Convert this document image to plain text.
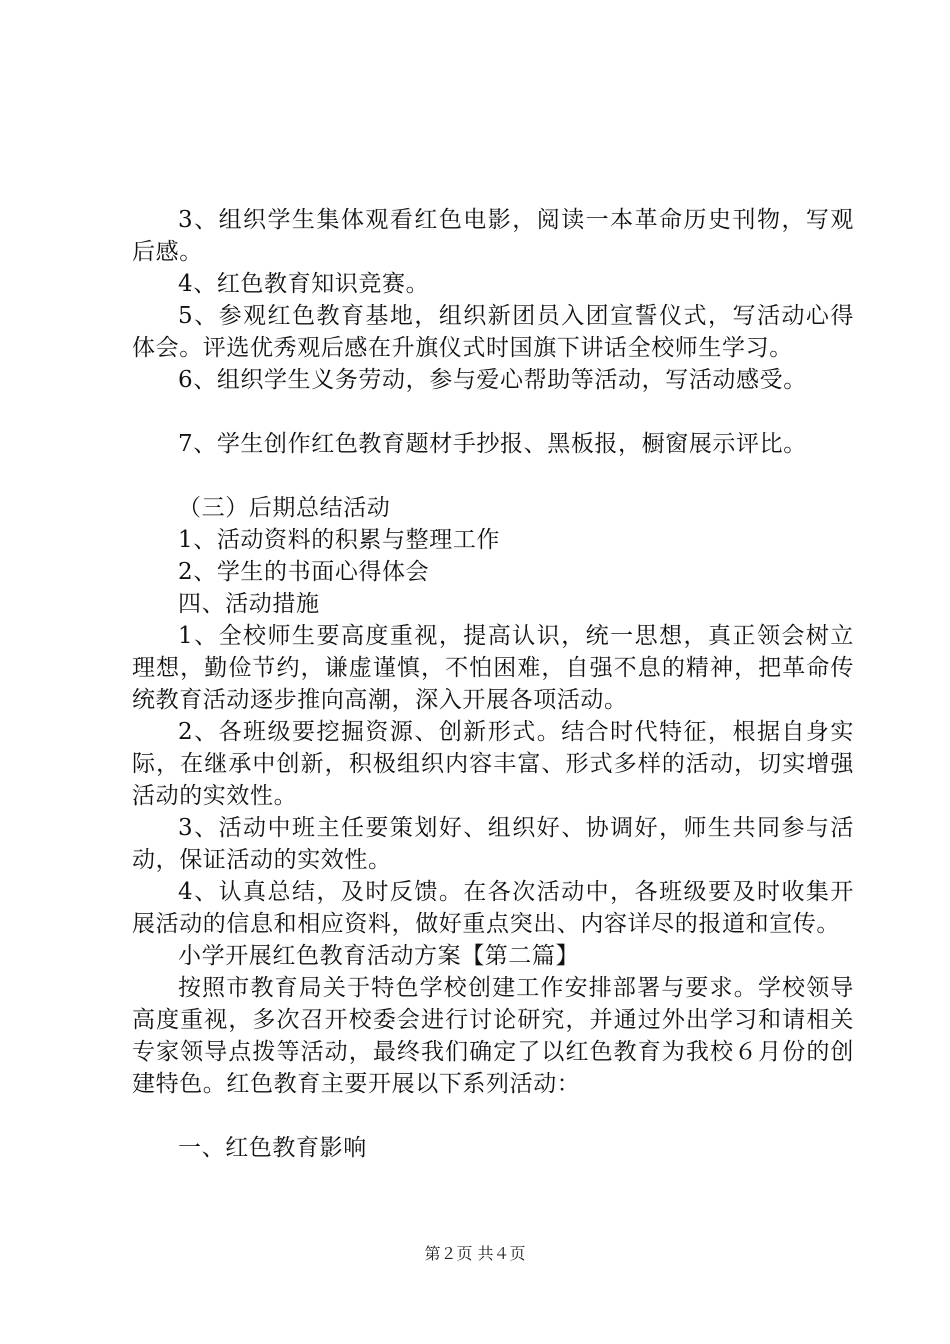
3、组织学生集体观看红色电影，阅读一本革命历史刊物，写观后感。

4、红色教育知识竞赛。

5、参观红色教育基地，组织新团员入团宣誓仪式，写活动心得体会。评选优秀观后感在升旗仪式时国旗下讲话全校师生学习。

6、组织学生义务劳动，参与爱心帮助等活动，写活动感受。

7、学生创作红色教育题材手抄报、黑板报，橱窗展示评比。

（三）后期总结活动

1、活动资料的积累与整理工作

2、学生的书面心得体会

四、活动措施

1、全校师生要高度重视，提高认识，统一思想，真正领会树立理想，勤俭节约，谦虚谨慎，不怕困难，自强不息的精神，把革命传统教育活动逐步推向高潮，深入开展各项活动。

2、各班级要挖掘资源、创新形式。结合时代特征，根据自身实际，在继承中创新，积极组织内容丰富、形式多样的活动，切实增强活动的实效性。

3、活动中班主任要策划好、组织好、协调好，师生共同参与活动，保证活动的实效性。

4、认真总结，及时反馈。在各次活动中，各班级要及时收集开展活动的信息和相应资料，做好重点突出、内容详尽的报道和宣传。

小学开展红色教育活动方案【第二篇】

按照市教育局关于特色学校创建工作安排部署与要求。学校领导高度重视，多次召开校委会进行讨论研究，并通过外出学习和请相关专家领导点拨等活动，最终我们确定了以红色教育为我校６月份的创建特色。红色教育主要开展以下系列活动：

一、红色教育影响

第２页 共４页
